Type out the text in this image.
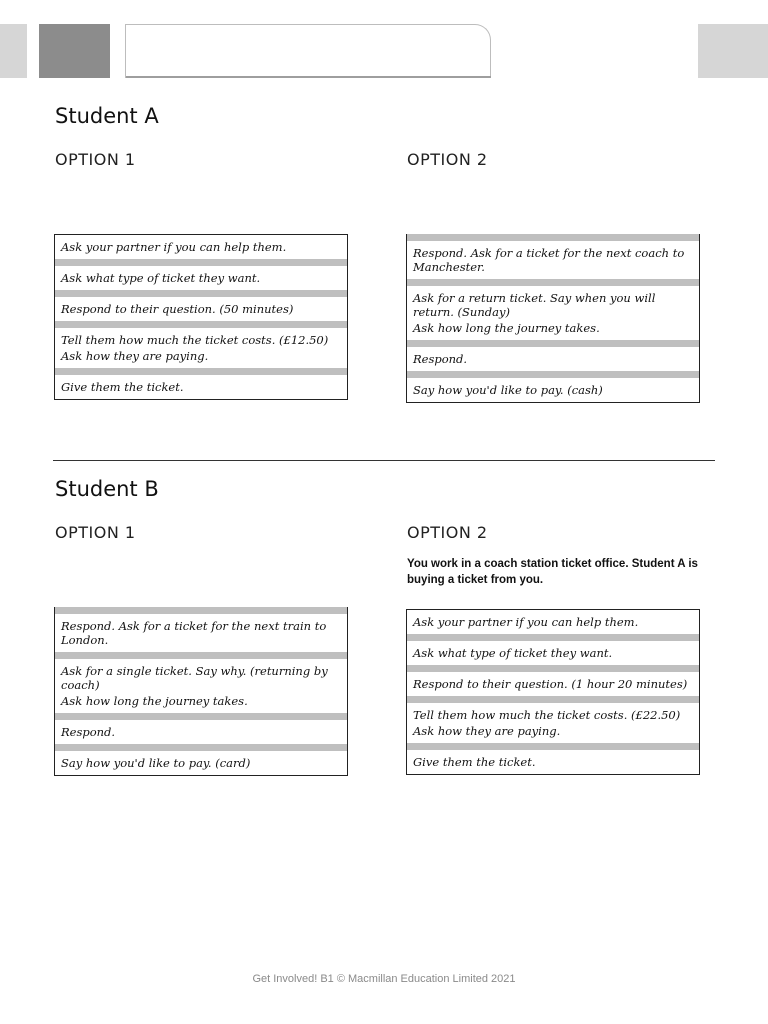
Student A
OPTION 1	OPTION 2
Ask your partner if you can help them.
Ask what type of ticket they want.
Respond to their question. (50 minutes)
Tell them how much the ticket costs. (£12.50)
Ask how they are paying.
Give them the ticket.
Respond. Ask for a ticket for the next coach to Manchester.
Ask for a return ticket. Say when you will return. (Sunday)
Ask how long the journey takes.
Respond.
Say how you'd like to pay. (cash)
Student B
OPTION 1	OPTION 2
You work in a coach station ticket office. Student A is buying a ticket from you.
Respond. Ask for a ticket for the next train to London.
Ask for a single ticket. Say why. (returning by coach)
Ask how long the journey takes.
Respond.
Say how you'd like to pay. (card)
Ask your partner if you can help them.
Ask what type of ticket they want.
Respond to their question. (1 hour 20 minutes)
Tell them how much the ticket costs. (£22.50)
Ask how they are paying.
Give them the ticket.
Get Involved! B1 © Macmillan Education Limited 2021
